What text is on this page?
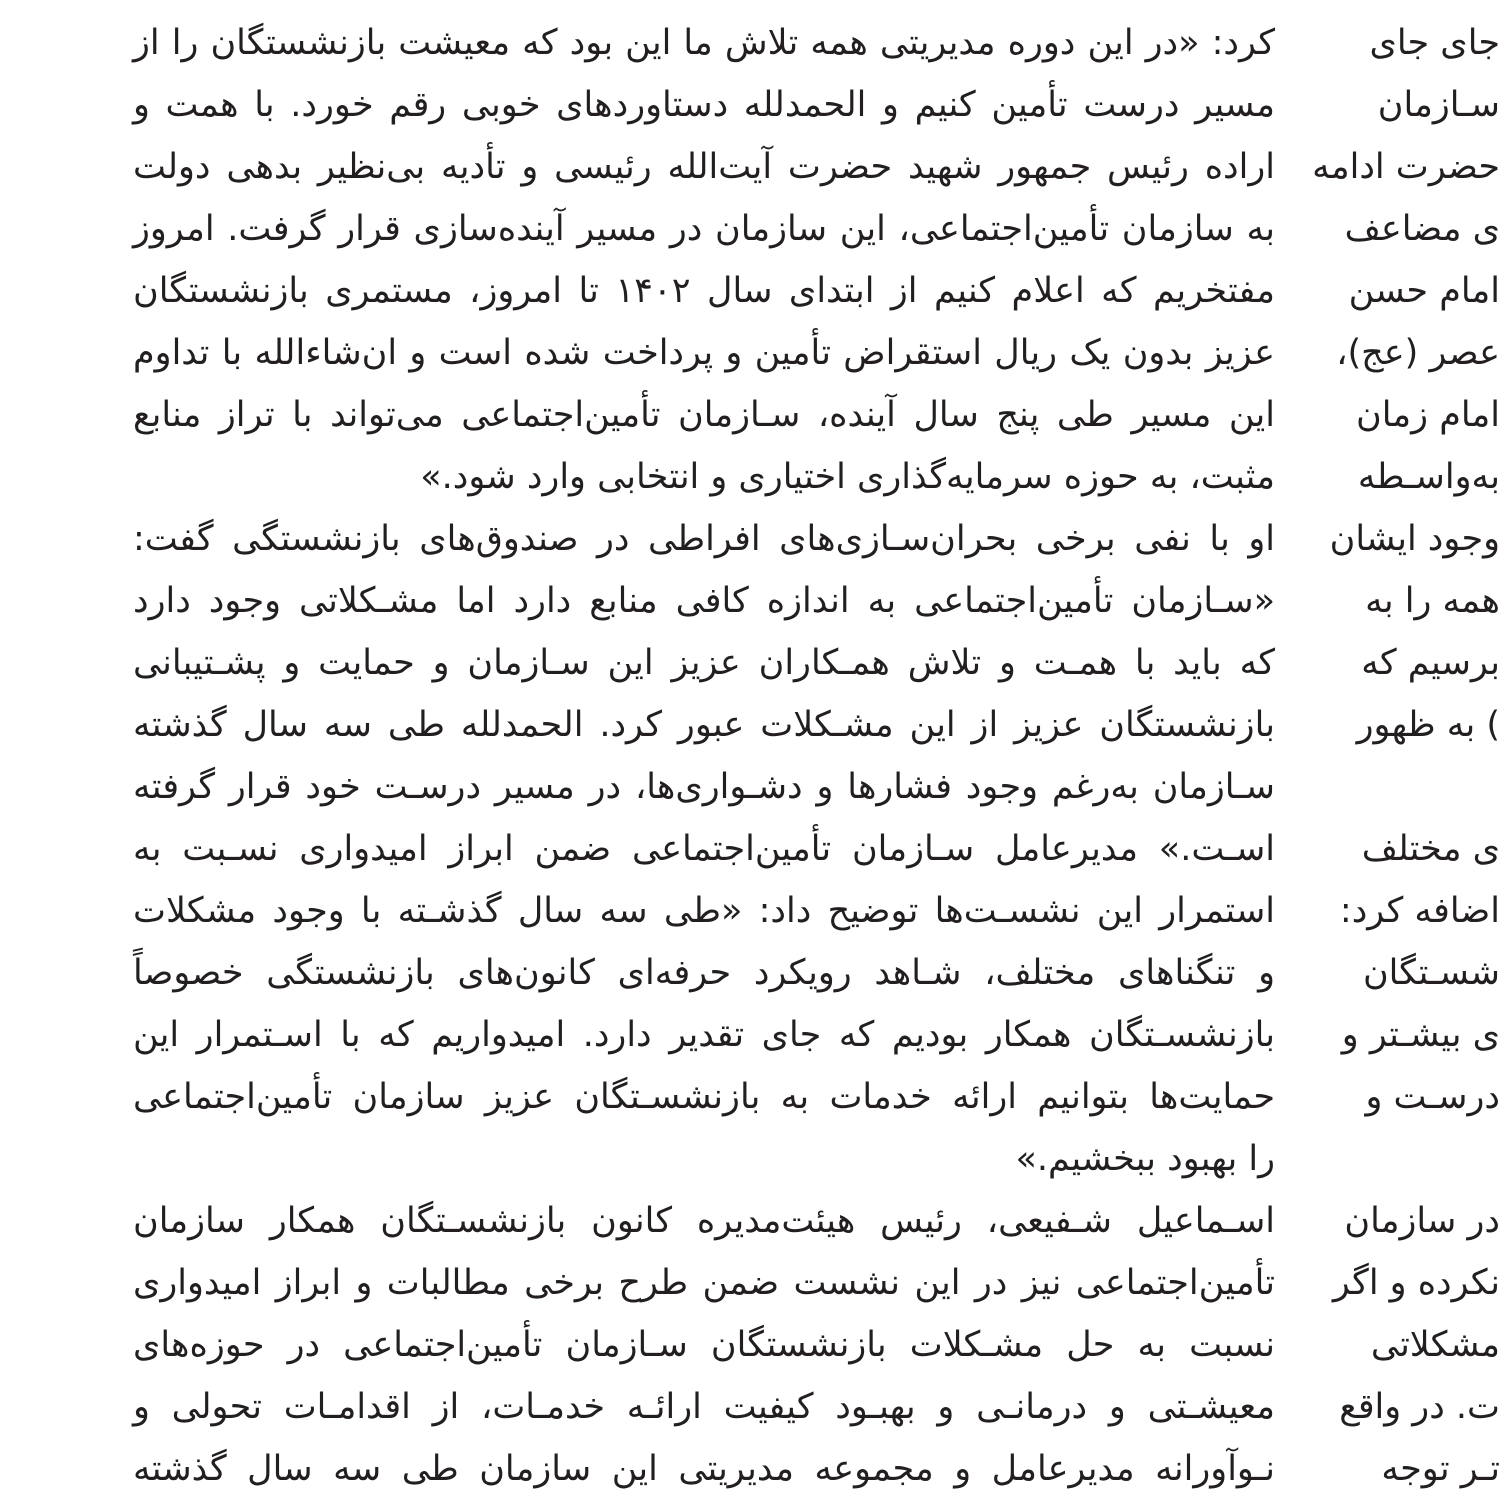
کرد: «در این دوره مدیریتی همه تلاش ما این بود که معیشت بازنشستگان را از
مسیر درست تأمین کنیم و الحمدلله دستاوردهای خوبی رقم خورد. با همت و
اراده رئیس جمهور شهید حضرت آیت‌الله رئیسی و تأدیه بی‌نظیر بدهی دولت
به سازمان تأمین‌اجتماعی، این سازمان در مسیر آینده‌سازی قرار گرفت. امروز
مفتخریم که اعلام کنیم از ابتدای سال ۱۴۰۲ تا امروز، مستمری بازنشستگان
عزیز بدون یک ریال استقراض تأمین و پرداخت شده است و ان‌شاءالله با تداوم
این مسیر طی پنج سال آینده، سـازمان تأمین‌اجتماعی می‌تواند با تراز منابع
مثبت، به حوزه سرمایه‌گذاری اختیاری و انتخابی وارد شود.»
او با نفی برخی بحران‌سـازی‌های افراطی در صندوق‌های بازنشستگی گفت:
«سـازمان تأمین‌اجتماعی به اندازه کافی منابع دارد اما مشـکلاتی وجود دارد
که باید با همـت و تلاش همـکاران عزیز این سـازمان و حمایت و پشـتیبانی
بازنشستگان عزیز از این مشـکلات عبور کرد. الحمدلله طی سه سال گذشته
سـازمان به‌رغم وجود فشارها و دشـواری‌ها، در مسیر درسـت خود قرار گرفته
اسـت.» مدیرعامل سـازمان تأمین‌اجتماعی ضمن ابراز امیدواری نسـبت به
استمرار این نشسـت‌ها توضیح داد: «طی سه سال گذشـته با وجود مشکلات
و تنگناهای مختلف، شـاهد رویکرد حرفه‌ای کانون‌های بازنشستگی خصوصاً
بازنشسـتگان همکار بودیم که جای تقدیر دارد. امیدواریم که با اسـتمرار این
حمایت‌ها بتوانیم ارائه خدمات به بازنشسـتگان عزیز سازمان تأمین‌اجتماعی
را بهبود ببخشیم.»
اسـماعیل شـفیعی، رئیس هیئت‌مدیره کانون بازنشسـتگان همکار سازمان
تأمین‌اجتماعی نیز در این نشست ضمن طرح برخی مطالبات و ابراز امیدواری
نسبت به حل مشـکلات بازنشستگان سـازمان تأمین‌اجتماعی در حوزه‌های
معیشـتی و درمانـی و بهبـود کیفیت ارائـه خدمـات، از اقدامـات تحولی و
نـوآورانه مدیرعامل و مجموعه مدیریتی این سازمان طی سه سال گذشته
جای جای
سـازمان
حضرت ادامه
ی مضاعف
امام حسن
عصر (عج)،
امام زمان
به‌واسـطه
وجود ایشان
همه را به
برسیم که
) به ظهور
ی مختلف
اضافه کرد:
شسـتگان
ی بیشـتر و
درسـت و
در سازمان
نکرده و اگر
مشکلاتی
ت. در واقع
تـر توجه
